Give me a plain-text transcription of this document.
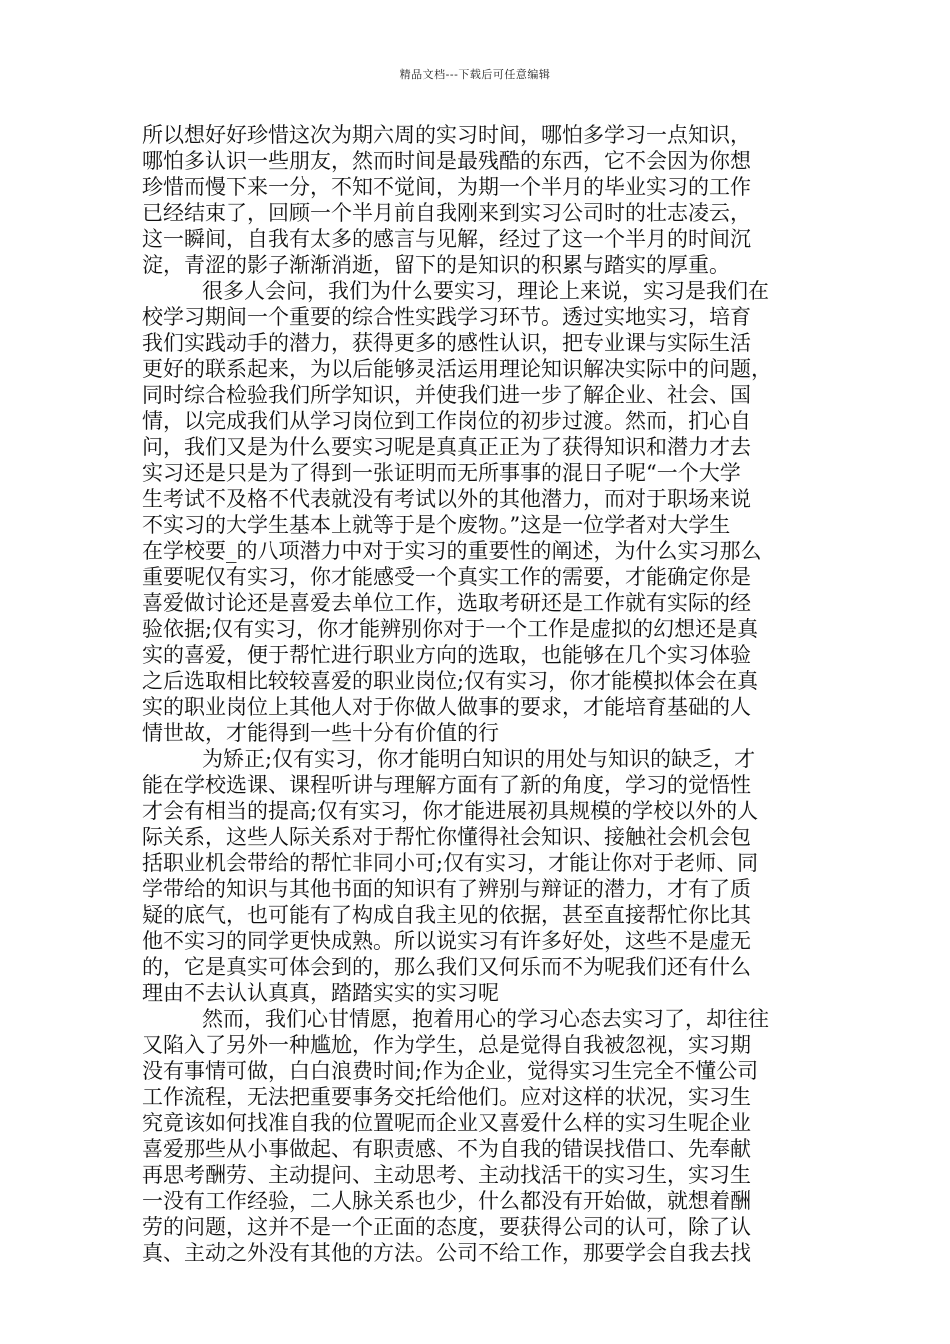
精品文档---下载后可任意编辑
所以想好好珍惜这次为期六周的实习时间，哪怕多学习一点知识，
哪怕多认识一些朋友，然而时间是最残酷的东西，它不会因为你想
珍惜而慢下来一分，不知不觉间，为期一个半月的毕业实习的工作
已经结束了，回顾一个半月前自我刚来到实习公司时的壮志凌云，
这一瞬间，自我有太多的感言与见解，经过了这一个半月的时间沉
淀，青涩的影子渐渐消逝，留下的是知识的积累与踏实的厚重。
很多人会问，我们为什么要实习，理论上来说，实习是我们在
校学习期间一个重要的综合性实践学习环节。透过实地实习，培育
我们实践动手的潜力，获得更多的感性认识，把专业课与实际生活
更好的联系起来，为以后能够灵活运用理论知识解决实际中的问题，
同时综合检验我们所学知识，并使我们进一步了解企业、社会、国
情，以完成我们从学习岗位到工作岗位的初步过渡。然而，扪心自
问，我们又是为什么要实习呢是真真正正为了获得知识和潜力才去
实习还是只是为了得到一张证明而无所事事的混日子呢“一个大学
生考试不及格不代表就没有考试以外的其他潜力，而对于职场来说
不实习的大学生基本上就等于是个废物。”这是一位学者对大学生
在学校要_的八项潜力中对于实习的重要性的阐述，为什么实习那么
重要呢仅有实习，你才能感受一个真实工作的需要，才能确定你是
喜爱做讨论还是喜爱去单位工作，选取考研还是工作就有实际的经
验依据;仅有实习，你才能辨别你对于一个工作是虚拟的幻想还是真
实的喜爱，便于帮忙进行职业方向的选取，也能够在几个实习体验
之后选取相比较较喜爱的职业岗位;仅有实习，你才能模拟体会在真
实的职业岗位上其他人对于你做人做事的要求，才能培育基础的人
情世故，才能得到一些十分有价值的行
为矫正;仅有实习，你才能明白知识的用处与知识的缺乏，才
能在学校选课、课程听讲与理解方面有了新的角度，学习的觉悟性
才会有相当的提高;仅有实习，你才能进展初具规模的学校以外的人
际关系，这些人际关系对于帮忙你懂得社会知识、接触社会机会包
括职业机会带给的帮忙非同小可;仅有实习，才能让你对于老师、同
学带给的知识与其他书面的知识有了辨别与辩证的潜力，才有了质
疑的底气，也可能有了构成自我主见的依据，甚至直接帮忙你比其
他不实习的同学更快成熟。所以说实习有许多好处，这些不是虚无
的，它是真实可体会到的，那么我们又何乐而不为呢我们还有什么
理由不去认认真真，踏踏实实的实习呢
然而，我们心甘情愿，抱着用心的学习心态去实习了，却往往
又陷入了另外一种尴尬，作为学生，总是觉得自我被忽视，实习期
没有事情可做，白白浪费时间;作为企业，觉得实习生完全不懂公司
工作流程，无法把重要事务交托给他们。应对这样的状况，实习生
究竟该如何找准自我的位置呢而企业又喜爱什么样的实习生呢企业
喜爱那些从小事做起、有职责感、不为自我的错误找借口、先奉献
再思考酬劳、主动提问、主动思考、主动找活干的实习生，实习生
一没有工作经验，二人脉关系也少，什么都没有开始做，就想着酬
劳的问题，这并不是一个正面的态度，要获得公司的认可，除了认
真、主动之外没有其他的方法。公司不给工作，那要学会自我去找
